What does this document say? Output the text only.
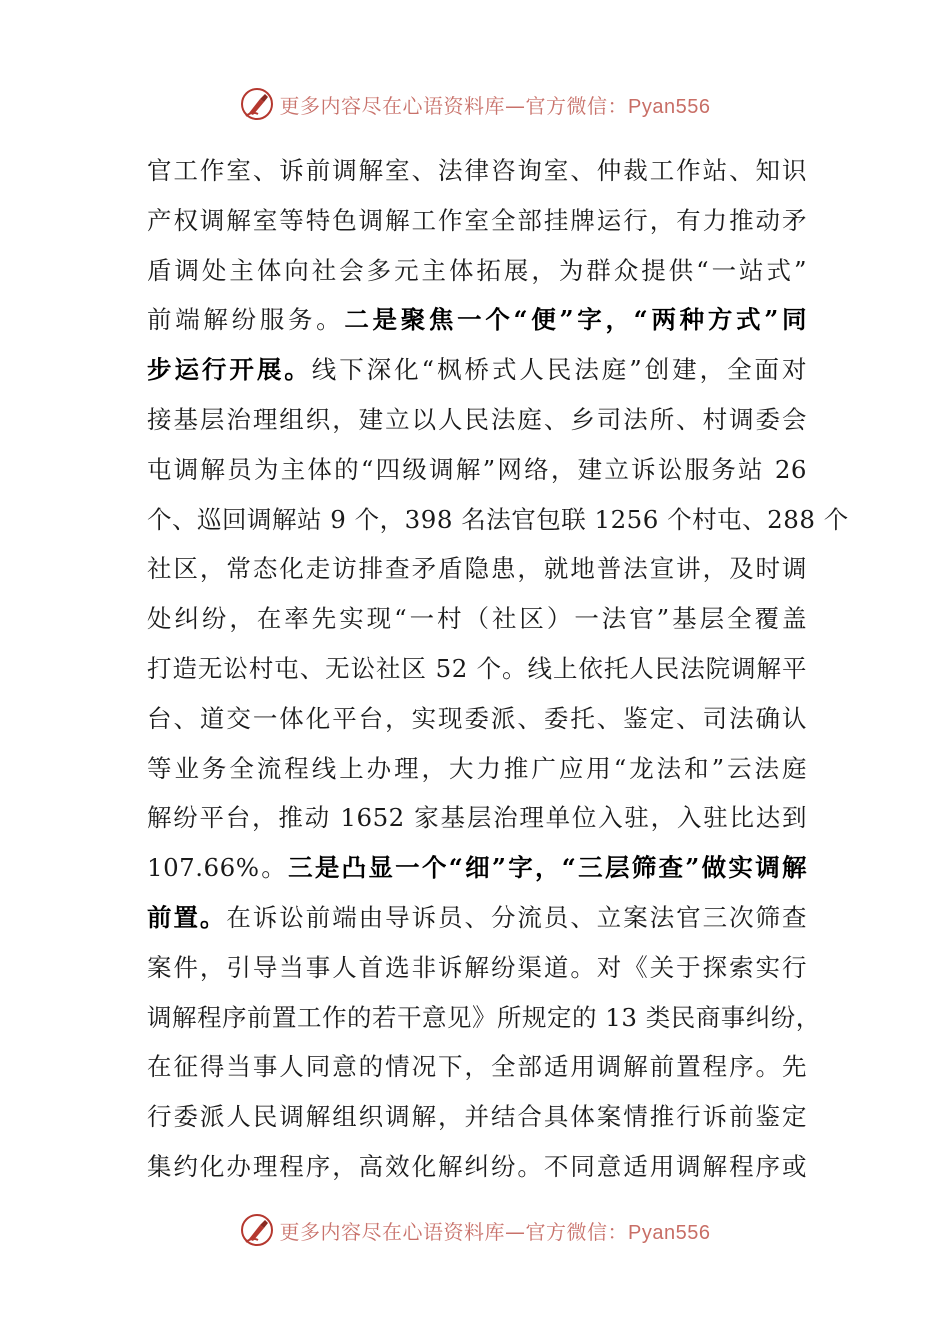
更多内容尽在心语资料库—官方微信：Pyan556
官工作室、诉前调解室、法律咨询室、仲裁工作站、知识
产权调解室等特色调解工作室全部挂牌运行，有力推动矛
盾调处主体向社会多元主体拓展，为群众提供“一站式”
前端解纷服务。二是聚焦一个“便”字，“两种方式”同
步运行开展。线下深化“枫桥式人民法庭”创建，全面对
接基层治理组织，建立以人民法庭、乡司法所、村调委会
屯调解员为主体的“四级调解”网络，建立诉讼服务站 26
个、巡回调解站 9 个，398 名法官包联 1256 个村屯、288 个
社区，常态化走访排查矛盾隐患，就地普法宣讲，及时调
处纠纷，在率先实现“一村（社区）一法官”基层全覆盖
打造无讼村屯、无讼社区 52 个。线上依托人民法院调解平
台、道交一体化平台，实现委派、委托、鉴定、司法确认
等业务全流程线上办理，大力推广应用“龙法和”云法庭
解纷平台，推动 1652 家基层治理单位入驻，入驻比达到
107.66%。三是凸显一个“细”字，“三层筛查”做实调解
前置。在诉讼前端由导诉员、分流员、立案法官三次筛查
案件，引导当事人首选非诉解纷渠道。对《关于探索实行
调解程序前置工作的若干意见》所规定的 13 类民商事纠纷，
在征得当事人同意的情况下，全部适用调解前置程序。先
行委派人民调解组织调解，并结合具体案情推行诉前鉴定
集约化办理程序，高效化解纠纷。不同意适用调解程序或
更多内容尽在心语资料库—官方微信：Pyan556
